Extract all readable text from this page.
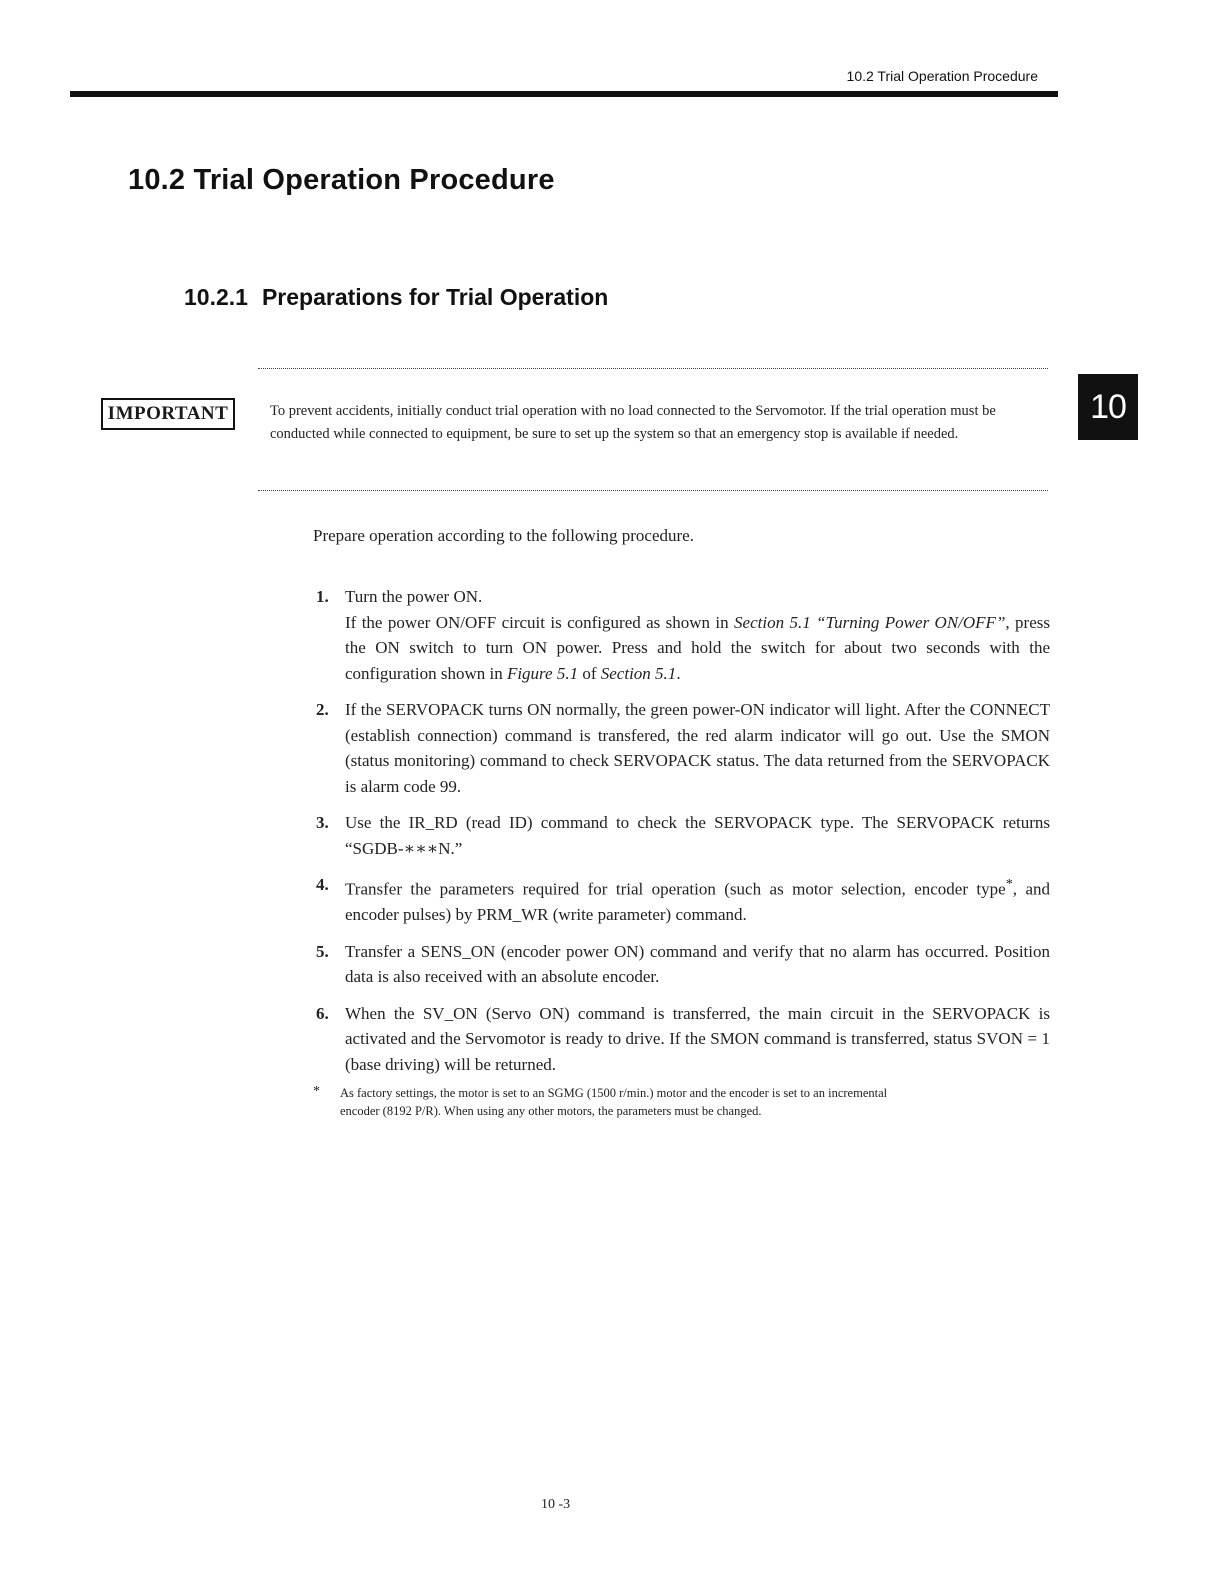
10.2 Trial Operation Procedure
10.2 Trial Operation Procedure
10.2.1 Preparations for Trial Operation
IMPORTANT	To prevent accidents, initially conduct trial operation with no load connected to the Servomotor. If the trial operation must be conducted while connected to equipment, be sure to set up the system so that an emergency stop is available if needed.

10

Prepare operation according to the following procedure.

1. Turn the power ON.
If the power ON/OFF circuit is configured as shown in Section 5.1 “Turning Power ON/OFF”, press the ON switch to turn ON power. Press and hold the switch for about two seconds with the configuration shown in Figure 5.1 of Section 5.1.
2. If the SERVOPACK turns ON normally, the green power-ON indicator will light. After the CONNECT (establish connection) command is transfered, the red alarm indicator will go out. Use the SMON (status monitoring) command to check SERVOPACK status. The data returned from the SERVOPACK is alarm code 99.
3. Use the IR_RD (read ID) command to check the SERVOPACK type. The SERVOPACK returns “SGDB-∗∗∗N.”
4. Transfer the parameters required for trial operation (such as motor selection, encoder type*, and encoder pulses) by PRM_WR (write parameter) command.
5. Transfer a SENS_ON (encoder power ON) command and verify that no alarm has occurred. Position data is also received with an absolute encoder.
6. When the SV_ON (Servo ON) command is transferred, the main circuit in the SERVOPACK is activated and the Servomotor is ready to drive. If the SMON command is transferred, status SVON = 1 (base driving) will be returned.
*	As factory settings, the motor is set to an SGMG (1500 r/min.) motor and the encoder is set to an incremental encoder (8192 P/R). When using any other motors, the parameters must be changed.

10 -3
